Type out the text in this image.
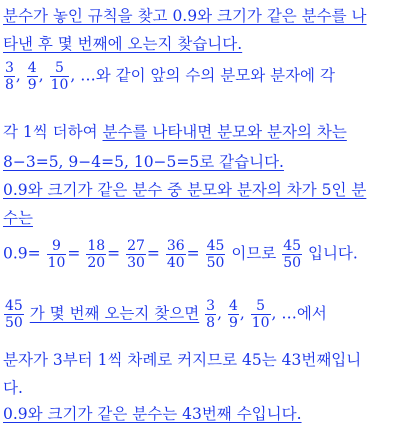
분수가 놓인 규칙을 찾고 0.9와 크기가 같은 분수를 나
타낸 후 몇 번째에 오는지 찾습니다.
$\frac{3}{8}$ , $\frac{4}{9}$ , $\frac{5}{10}$ , …와 같이 앞의 수의 분모와 분자에 각
각 1씩 더하여 분수를 나타내면 분모와 분자의 차는
8−3=5, 9−4=5, 10−5=5로 같습니다.
0.9와 크기가 같은 분수 중 분모와 분자의 차가 5인 분
수는
$0.9= \frac{9}{10} = \frac{18}{20} = \frac{27}{30} = \frac{36}{40} = \frac{45}{50}$ 이므로 $\frac{45}{50}$ 입니다.
$\frac{45}{50}$ 가 몇 번째 오는지 찾으면 $\frac{3}{8}$ , $\frac{4}{9}$ , $\frac{5}{10}$ , …에서
분자가 3부터 1씩 차례로 커지므로 45는 43번째입니
다.
0.9와 크기가 같은 분수는 43번째 수입니다.
